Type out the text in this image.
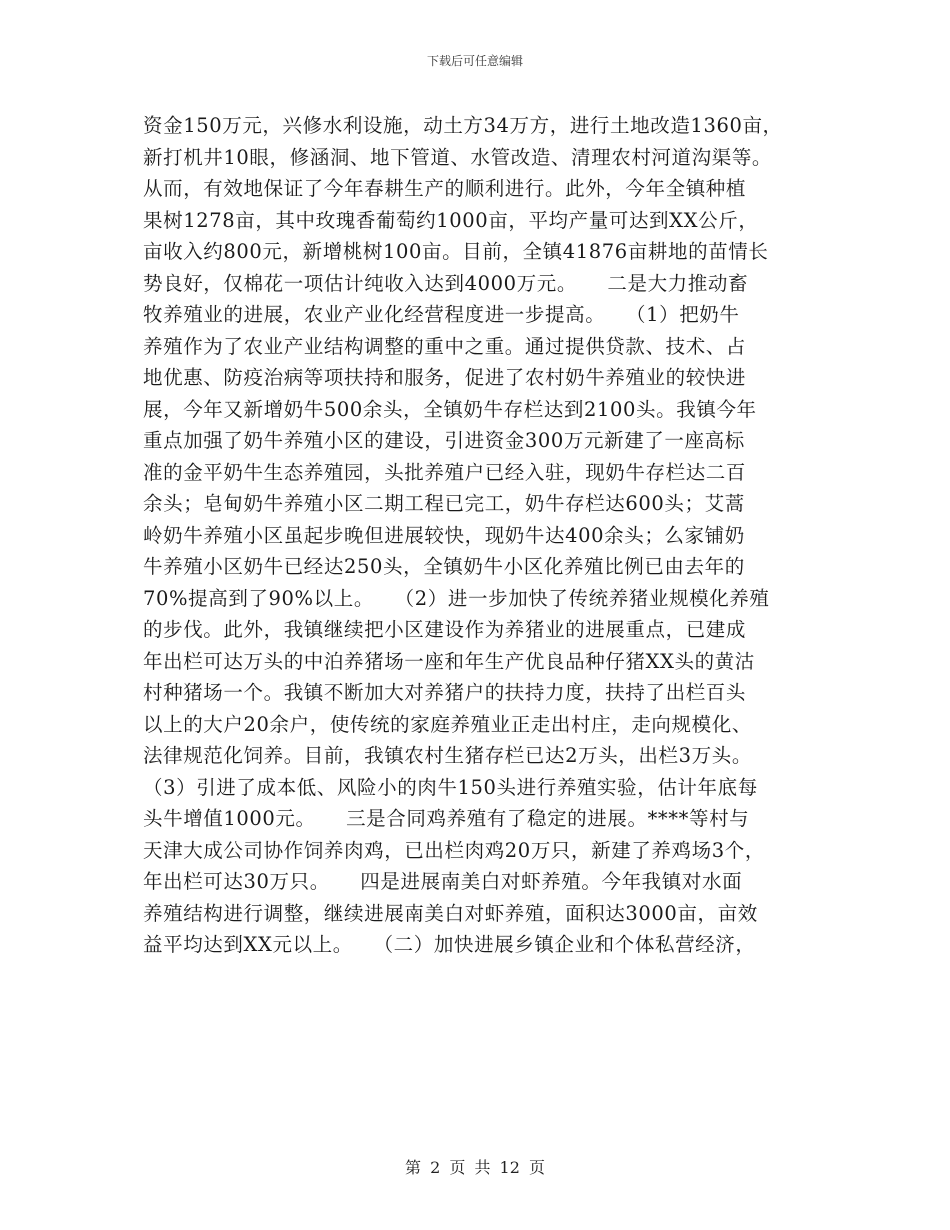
下载后可任意编辑
资金150万元，兴修水利设施，动土方34万方，进行土地改造1360亩，
新打机井10眼，修涵洞、地下管道、水管改造、清理农村河道沟渠等。
从而，有效地保证了今年春耕生产的顺利进行。此外，今年全镇种植
果树1278亩，其中玫瑰香葡萄约1000亩，平均产量可达到XX公斤，
亩收入约800元，新增桃树100亩。目前，全镇41876亩耕地的苗情长
势良好，仅棉花一项估计纯收入达到4000万元。　　二是大力推动畜
牧养殖业的进展，农业产业化经营程度进一步提高。　　（1）把奶牛
养殖作为了农业产业结构调整的重中之重。通过提供贷款、技术、占
地优惠、防疫治病等项扶持和服务，促进了农村奶牛养殖业的较快进
展，今年又新增奶牛500余头，全镇奶牛存栏达到2100头。我镇今年
重点加强了奶牛养殖小区的建设，引进资金300万元新建了一座高标
准的金平奶牛生态养殖园，头批养殖户已经入驻，现奶牛存栏达二百
余头；皂甸奶牛养殖小区二期工程已完工，奶牛存栏达600头；艾蒿
岭奶牛养殖小区虽起步晚但进展较快，现奶牛达400余头；么家铺奶
牛养殖小区奶牛已经达250头，全镇奶牛小区化养殖比例已由去年的
70%提高到了90%以上。　　（2）进一步加快了传统养猪业规模化养殖
的步伐。此外，我镇继续把小区建设作为养猪业的进展重点，已建成
年出栏可达万头的中泊养猪场一座和年生产优良品种仔猪XX头的黄沽
村种猪场一个。我镇不断加大对养猪户的扶持力度，扶持了出栏百头
以上的大户20余户，使传统的家庭养殖业正走出村庄，走向规模化、
法律规范化饲养。目前，我镇农村生猪存栏已达2万头，出栏3万头。
（3）引进了成本低、风险小的肉牛150头进行养殖实验，估计年底每
头牛增值1000元。　　三是合同鸡养殖有了稳定的进展。****等村与
天津大成公司协作饲养肉鸡，已出栏肉鸡20万只，新建了养鸡场3个，
年出栏可达30万只。　　四是进展南美白对虾养殖。今年我镇对水面
养殖结构进行调整，继续进展南美白对虾养殖，面积达3000亩，亩效
益平均达到XX元以上。　　（二）加快进展乡镇企业和个体私营经济，
第 2 页 共 12 页
